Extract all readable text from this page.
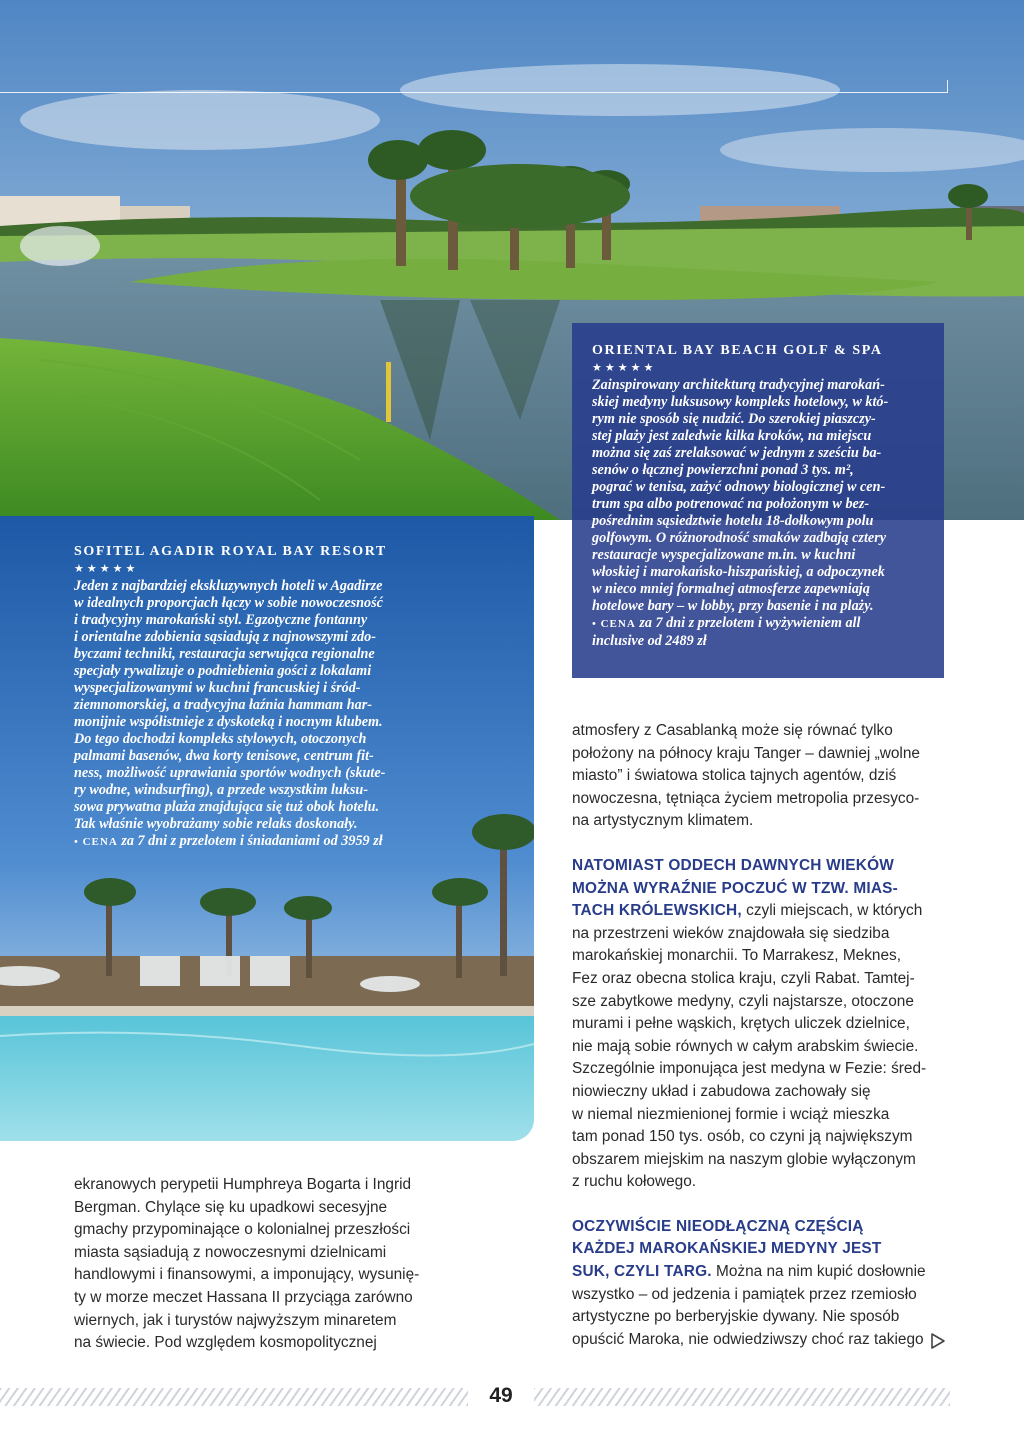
ORIENTAL BAY BEACH GOLF & SPA
★★★★★

Zainspirowany architekturą tradycyjnej marokań-
skiej medyny luksusowy kompleks hotelowy, w któ-
rym nie sposób się nudzić. Do szerokiej piaszczy-
stej plaży jest zaledwie kilka kroków, na miejscu
można się zaś zrelaksować w jednym z sześciu ba-
senów o łącznej powierzchni ponad 3 tys. m²,
pograć w tenisa, zażyć odnowy biologicznej w cen-
trum spa albo potrenować na położonym w bez-
pośrednim sąsiedztwie hotelu 18-dołkowym polu
golfowym. O różnorodność smaków zadbają cztery
restauracje wyspecjalizowane m.in. w kuchni
włoskiej i marokańsko-hiszpańskiej, a odpoczynek
w nieco mniej formalnej atmosferze zapewniają
hotelowe bary – w lobby, przy basenie i na plaży.

• CENA za 7 dni z przelotem i wyżywieniem all
inclusive od 2489 zł

SOFITEL AGADIR ROYAL BAY RESORT
★★★★★

Jeden z najbardziej ekskluzywnych hoteli w Agadirze
w idealnych proporcjach łączy w sobie nowoczesność
i tradycyjny marokański styl. Egzotyczne fontanny
i orientalne zdobienia sąsiadują z najnowszymi zdo-
byczami techniki, restauracja serwująca regionalne
specjały rywalizuje o podniebienia gości z lokalami
wyspecjalizowanymi w kuchni francuskiej i śród-
ziemnomorskiej, a tradycyjna łaźnia hammam har-
monijnie współistnieje z dyskoteką i nocnym klubem.
Do tego dochodzi kompleks stylowych, otoczonych
palmami basenów, dwa korty tenisowe, centrum fit-
ness, możliwość uprawiania sportów wodnych (skute-
ry wodne, windsurfing), a przede wszystkim luksu-
sowa prywatna plaża znajdująca się tuż obok hotelu.
Tak właśnie wyobrażamy sobie relaks doskonały.

• CENA za 7 dni z przelotem i śniadaniami od 3959 zł

ekranowych perypetii Humphreya Bogarta i Ingrid
Bergman. Chylące się ku upadkowi secesyjne
gmachy przypominające o kolonialnej przeszłości
miasta sąsiadują z nowoczesnymi dzielnicami
handlowymi i finansowymi, a imponujący, wysunię-
ty w morze meczet Hassana II przyciąga zarówno
wiernych, jak i turystów najwyższym minaretem
na świecie. Pod względem kosmopolitycznej

atmosfery z Casablanką może się równać tylko
położony na północy kraju Tanger – dawniej „wolne
miasto” i światowa stolica tajnych agentów, dziś
nowoczesna, tętniąca życiem metropolia przesyco-
na artystycznym klimatem.

NATOMIAST ODDECH DAWNYCH WIEKÓW
MOŻNA WYRAŹNIE POCZUĆ W TZW. MIAS-
TACH KRÓLEWSKICH, czyli miejscach, w których
na przestrzeni wieków znajdowała się siedziba
marokańskiej monarchii. To Marrakesz, Meknes,
Fez oraz obecna stolica kraju, czyli Rabat. Tamtej-
sze zabytkowe medyny, czyli najstarsze, otoczone
murami i pełne wąskich, krętych uliczek dzielnice,
nie mają sobie równych w całym arabskim świecie.
Szczególnie imponująca jest medyna w Fezie: śred-
niowieczny układ i zabudowa zachowały się
w niemal niezmienionej formie i wciąż mieszka
tam ponad 150 tys. osób, co czyni ją największym
obszarem miejskim na naszym globie wyłączonym
z ruchu kołowego.

OCZYWIŚCIE NIEODŁĄCZNĄ CZĘŚCIĄ
KAŻDEJ MAROKAŃSKIEJ MEDYNY JEST
SUK, CZYLI TARG. Można na nim kupić dosłownie
wszystko – od jedzenia i pamiątek przez rzemiosło
artystyczne po berberyjskie dywany. Nie sposób
opuścić Maroka, nie odwiedziwszy choć raz takiego

49
